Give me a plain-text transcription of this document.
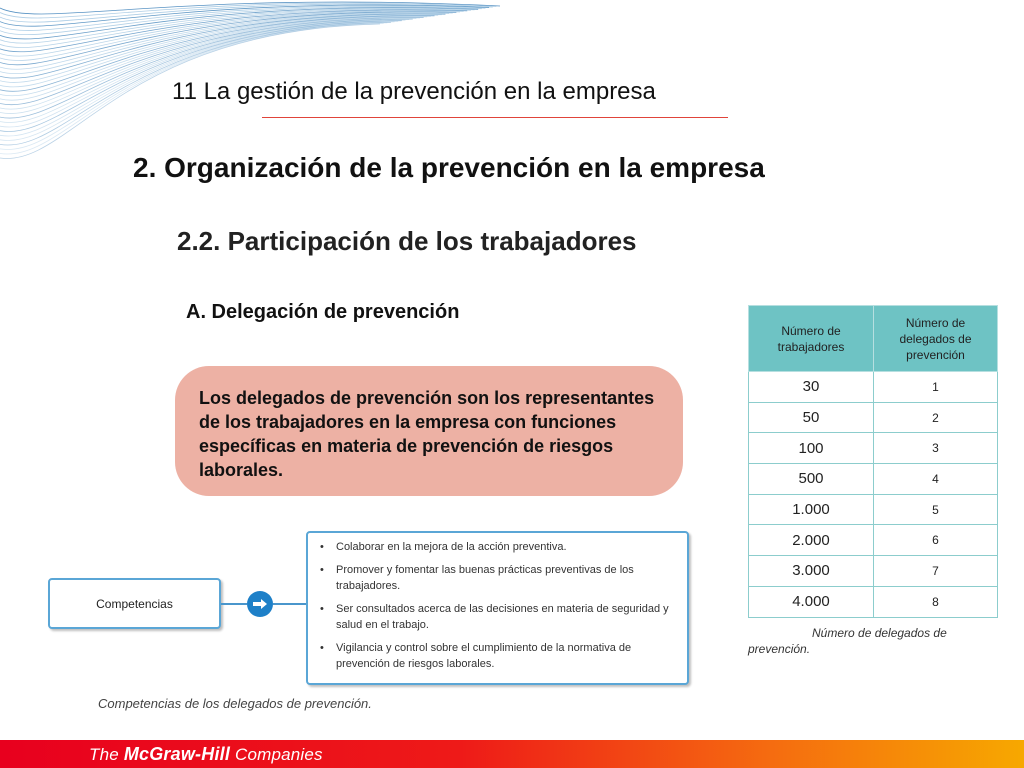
11 La gestión de la prevención en la empresa
2. Organización de la prevención en la empresa
2.2. Participación de los trabajadores
A. Delegación de prevención

Los delegados de prevención son los representantes de los trabajadores en la empresa con funciones específicas en materia de prevención de riesgos laborales.

Competencias
• Colaborar en la mejora de la acción preventiva.
• Promover y fomentar las buenas prácticas preventivas de los trabajadores.
• Ser consultados acerca de las decisiones en materia de seguridad y salud en el trabajo.
• Vigilancia y control sobre el cumplimiento de la normativa de prevención de riesgos laborales.
Competencias de los delegados de prevención.
Número de trabajadores	Número de delegados de prevención
30	1
50	2
100	3
500	4
1.000	5
2.000	6
3.000	7
4.000	8
Número de delegados de prevención.
The McGraw-Hill Companies
